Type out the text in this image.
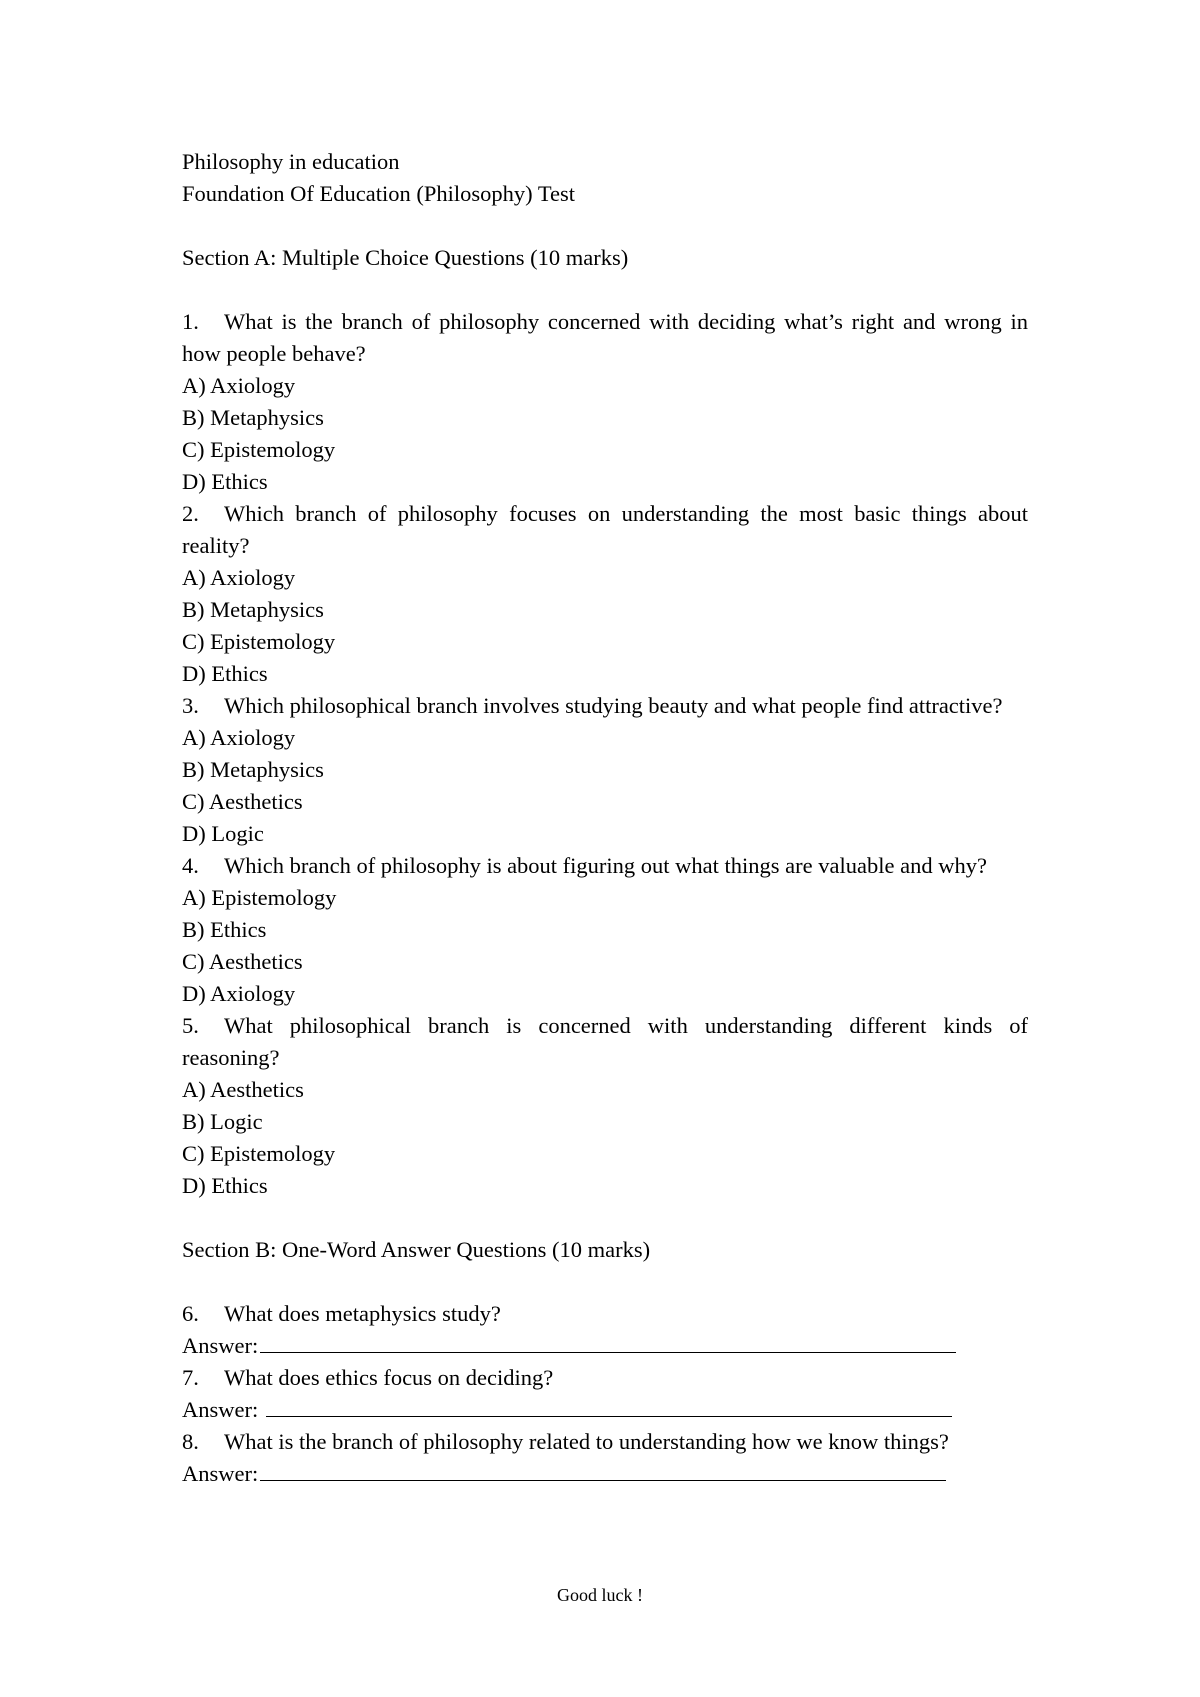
Philosophy in education
Foundation Of Education (Philosophy) Test
Section A: Multiple Choice Questions (10 marks)
1. What is the branch of philosophy concerned with deciding what’s right and wrong in how people behave?
A) Axiology
B) Metaphysics
C) Epistemology
D) Ethics
2. Which branch of philosophy focuses on understanding the most basic things about reality?
A) Axiology
B) Metaphysics
C) Epistemology
D) Ethics
3. Which philosophical branch involves studying beauty and what people find attractive?
A) Axiology
B) Metaphysics
C) Aesthetics
D) Logic
4. Which branch of philosophy is about figuring out what things are valuable and why?
A) Epistemology
B) Ethics
C) Aesthetics
D) Axiology
5. What philosophical branch is concerned with understanding different kinds of reasoning?
A) Aesthetics
B) Logic
C) Epistemology
D) Ethics
Section B: One-Word Answer Questions (10 marks)
6. What does metaphysics study?
Answer:
7. What does ethics focus on deciding?
Answer:
8. What is the branch of philosophy related to understanding how we know things?
Answer:
Good luck !
